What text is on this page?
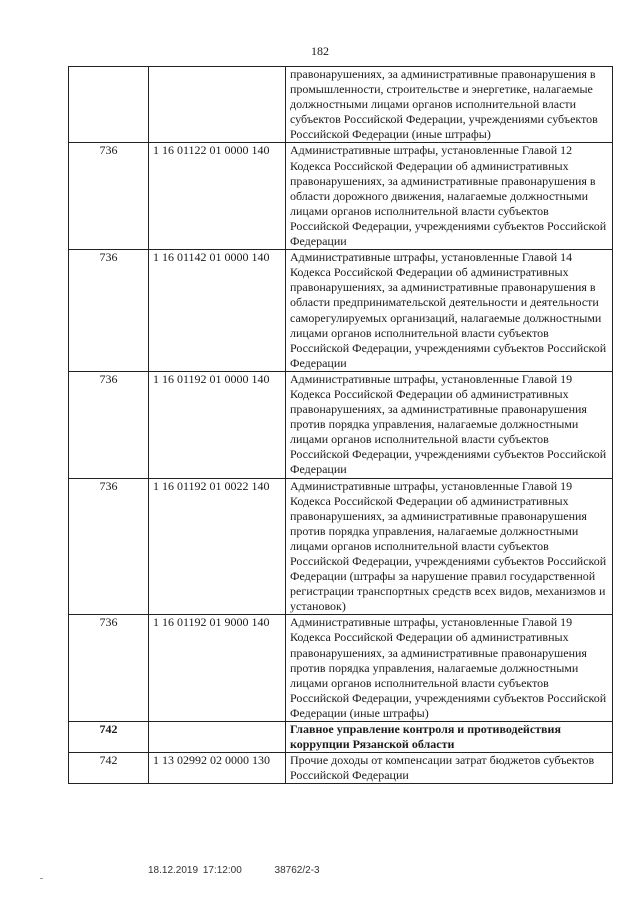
182
		правонарушениях, за административные правонарушения в промышленности, строительстве и энергетике, налагаемые должностными лицами органов исполнительной власти субъектов Российской Федерации, учреждениями субъектов Российской Федерации (иные штрафы)
736	1 16 01122 01 0000 140	Административные штрафы, установленные Главой 12 Кодекса Российской Федерации об административных правонарушениях, за административные правонарушения в области дорожного движения, налагаемые должностными лицами органов исполнительной власти субъектов Российской Федерации, учреждениями субъектов Российской Федерации
736	1 16 01142 01 0000 140	Административные штрафы, установленные Главой 14 Кодекса Российской Федерации об административных правонарушениях, за административные правонарушения в области предпринимательской деятельности и деятельности саморегулируемых организаций, налагаемые должностными лицами органов исполнительной власти субъектов Российской Федерации, учреждениями субъектов Российской Федерации
736	1 16 01192 01 0000 140	Административные штрафы, установленные Главой 19 Кодекса Российской Федерации об административных правонарушениях, за административные правонарушения против порядка управления, налагаемые должностными лицами органов исполнительной власти субъектов Российской Федерации, учреждениями субъектов Российской Федерации
736	1 16 01192 01 0022 140	Административные штрафы, установленные Главой 19 Кодекса Российской Федерации об административных правонарушениях, за административные правонарушения против порядка управления, налагаемые должностными лицами органов исполнительной власти субъектов Российской Федерации, учреждениями субъектов Российской Федерации (штрафы за нарушение правил государственной регистрации транспортных средств всех видов, механизмов и установок)
736	1 16 01192 01 9000 140	Административные штрафы, установленные Главой 19 Кодекса Российской Федерации об административных правонарушениях, за административные правонарушения против порядка управления, налагаемые должностными лицами органов исполнительной власти субъектов Российской Федерации, учреждениями субъектов Российской Федерации (иные штрафы)
742		Главное управление контроля и противодействия коррупции Рязанской области
742	1 13 02992 02 0000 130	Прочие доходы от компенсации затрат бюджетов субъектов Российской Федерации
18.12.2019 17:12:00	38762/2-3
